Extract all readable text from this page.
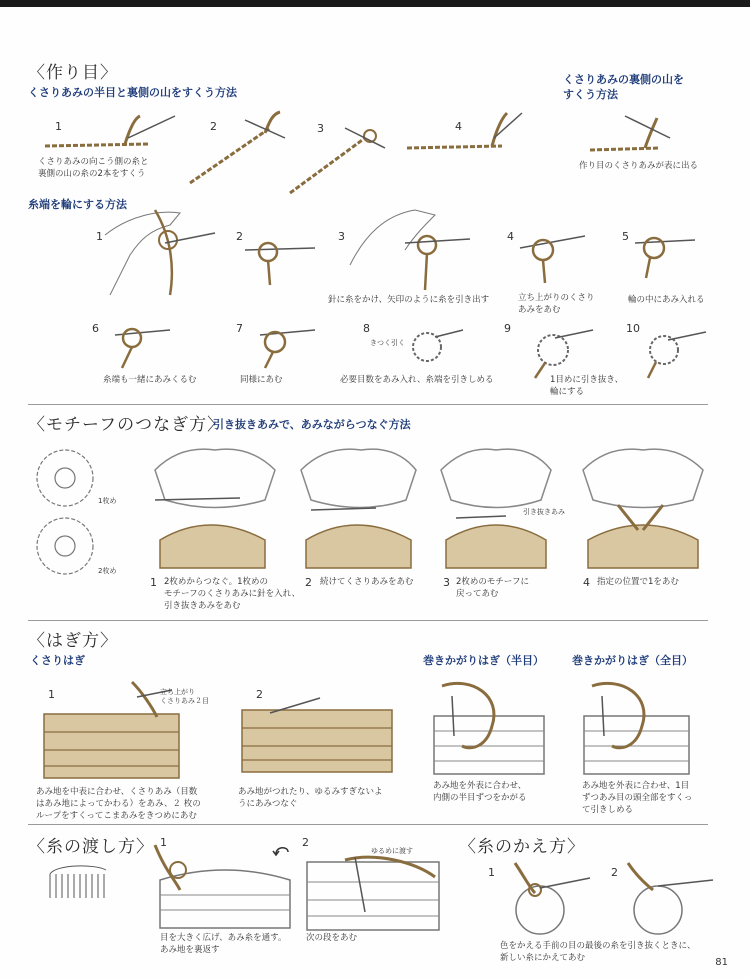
〈作り目〉
くさりあみの半目と裏側の山をすくう方法
くさりあみの裏側の山を
すくう方法
1
くさりあみの向こう側の糸と
裏側の山の糸の2本をすくう
2	3	4
作り目のくさりあみが表に出る
糸端を輪にする方法
1	2	3
針に糸をかけ、矢印のように糸を引き出す
4
立ち上がりのくさり
あみをあむ
5
輪の中にあみ入れる
6
糸端も一緒にあみくるむ
7
同様にあむ
8
きつく引く
必要目数をあみ入れ、糸端を引きしめる
9
1目めに引き抜き、
輪にする
10
〈モチーフのつなぎ方〉
引き抜きあみで、あみながらつなぐ方法
1枚め
2枚め
引き抜きあみ
1 2枚めからつなぐ。1枚めの
モチーフのくさりあみに針を入れ、
引き抜きあみをあむ
2 続けてくさりあみをあむ	3 2枚めのモチーフに
戻ってあむ
4 指定の位置で1をあむ
〈はぎ方〉
くさりはぎ	巻きかがりはぎ（半目）	巻きかがりはぎ（全目）
1	立ち上がり
くさりあみ２目
あみ地を中表に合わせ、くさりあみ（目数
はあみ地によってかわる）をあみ、２ 枚の
ループをすくってこまあみをきつめにあむ
2
あみ地がつれたり、ゆるみすぎないよ
うにあみつなぐ
あみ地を外表に合わせ、
内側の半目ずつをかがる
あみ地を外表に合わせ、1目
ずつあみ目の頭全部をすくっ
て引きしめる
〈糸の渡し方〉 1
目を大きく広げ、あみ糸を通す。
あみ地を裏返す
2
ゆるめに渡す
次の段をあむ
〈糸のかえ方〉
1	2
色をかえる手前の目の最後の糸を引き抜くときに、
新しい糸にかえてあむ	81
